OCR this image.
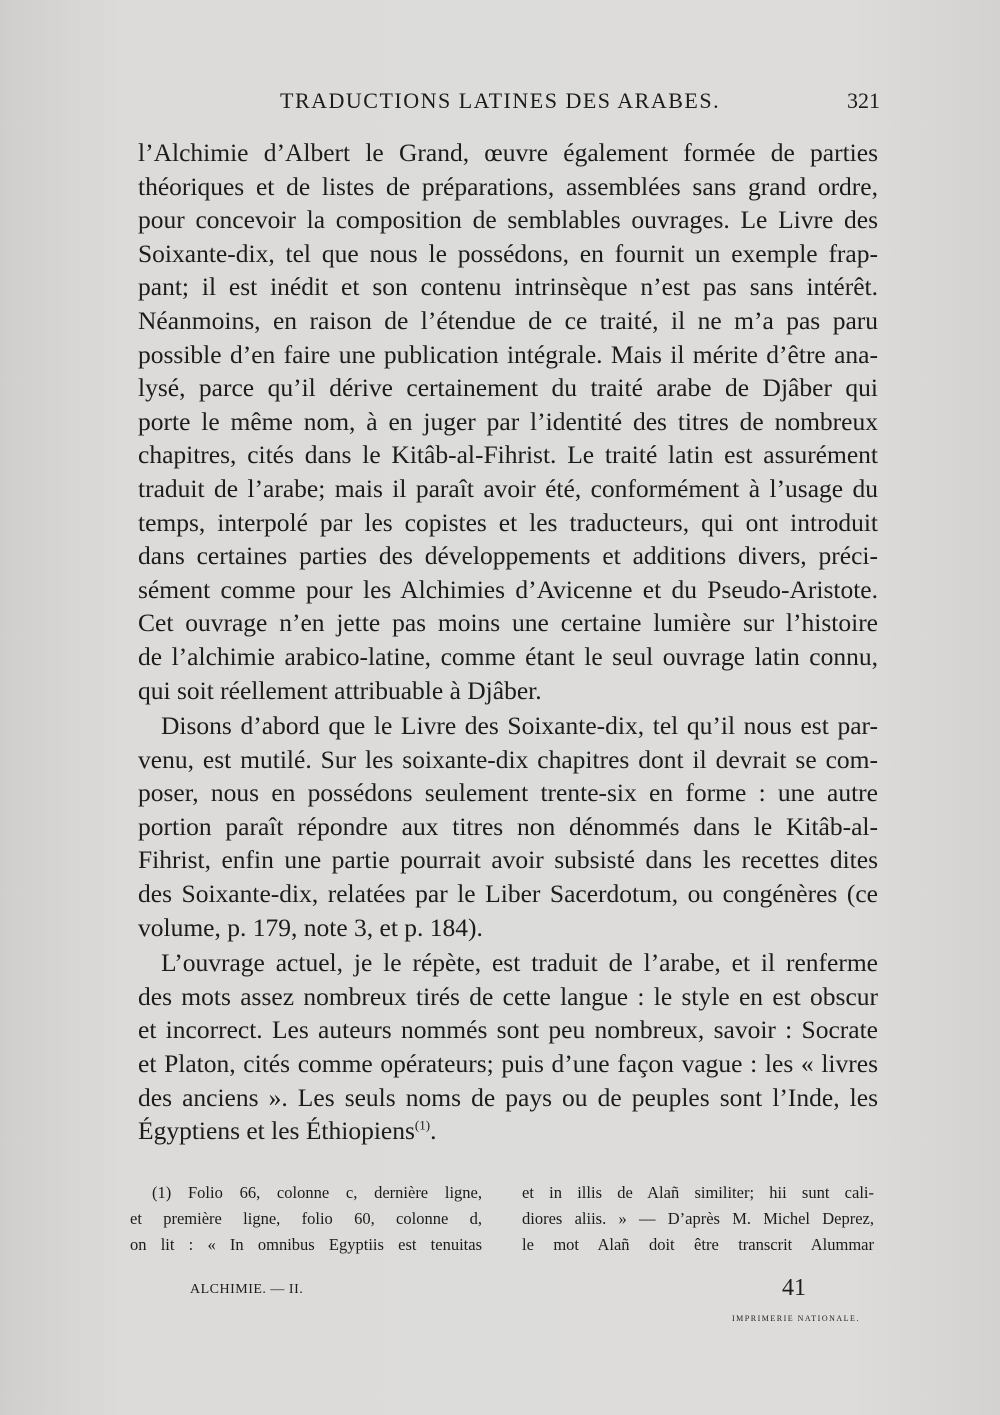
TRADUCTIONS LATINES DES ARABES.	321
l’Alchimie d’Albert le Grand, œuvre également formée de parties
théoriques et de listes de préparations, assemblées sans grand ordre,
pour concevoir la composition de semblables ouvrages. Le Livre des
Soixante-dix, tel que nous le possédons, en fournit un exemple frap-
pant; il est inédit et son contenu intrinsèque n’est pas sans intérêt.
Néanmoins, en raison de l’étendue de ce traité, il ne m’a pas paru
possible d’en faire une publication intégrale. Mais il mérite d’être ana-
lysé, parce qu’il dérive certainement du traité arabe de Djâber qui
porte le même nom, à en juger par l’identité des titres de nombreux
chapitres, cités dans le Kitâb-al-Fihrist. Le traité latin est assurément
traduit de l’arabe; mais il paraît avoir été, conformément à l’usage du
temps, interpolé par les copistes et les traducteurs, qui ont introduit
dans certaines parties des développements et additions divers, préci-
sément comme pour les Alchimies d’Avicenne et du Pseudo-Aristote.
Cet ouvrage n’en jette pas moins une certaine lumière sur l’histoire
de l’alchimie arabico-latine, comme étant le seul ouvrage latin connu,
qui soit réellement attribuable à Djâber.
Disons d’abord que le Livre des Soixante-dix, tel qu’il nous est par-
venu, est mutilé. Sur les soixante-dix chapitres dont il devrait se com-
poser, nous en possédons seulement trente-six en forme : une autre
portion paraît répondre aux titres non dénommés dans le Kitâb-al-
Fihrist, enfin une partie pourrait avoir subsisté dans les recettes dites
des Soixante-dix, relatées par le Liber Sacerdotum, ou congénères (ce
volume, p. 179, note 3, et p. 184).
L’ouvrage actuel, je le répète, est traduit de l’arabe, et il renferme
des mots assez nombreux tirés de cette langue : le style en est obscur
et incorrect. Les auteurs nommés sont peu nombreux, savoir : Socrate
et Platon, cités comme opérateurs; puis d’une façon vague : les « livres
des anciens ». Les seuls noms de pays ou de peuples sont l’Inde, les
Égyptiens et les Éthiopiens$^{(1)}$.
(1) Folio 66, colonne c, dernière ligne,
et première ligne, folio 60, colonne d,
on lit : « In omnibus Egyptiis est tenuitas
et in illis de Alañ similiter; hii sunt cali-
diores aliis. » — D’après M. Michel Deprez,
le mot Alañ doit être transcrit Alummar
ALCHIMIE. — II.	41
IMPRIMERIE NATIONALE.
